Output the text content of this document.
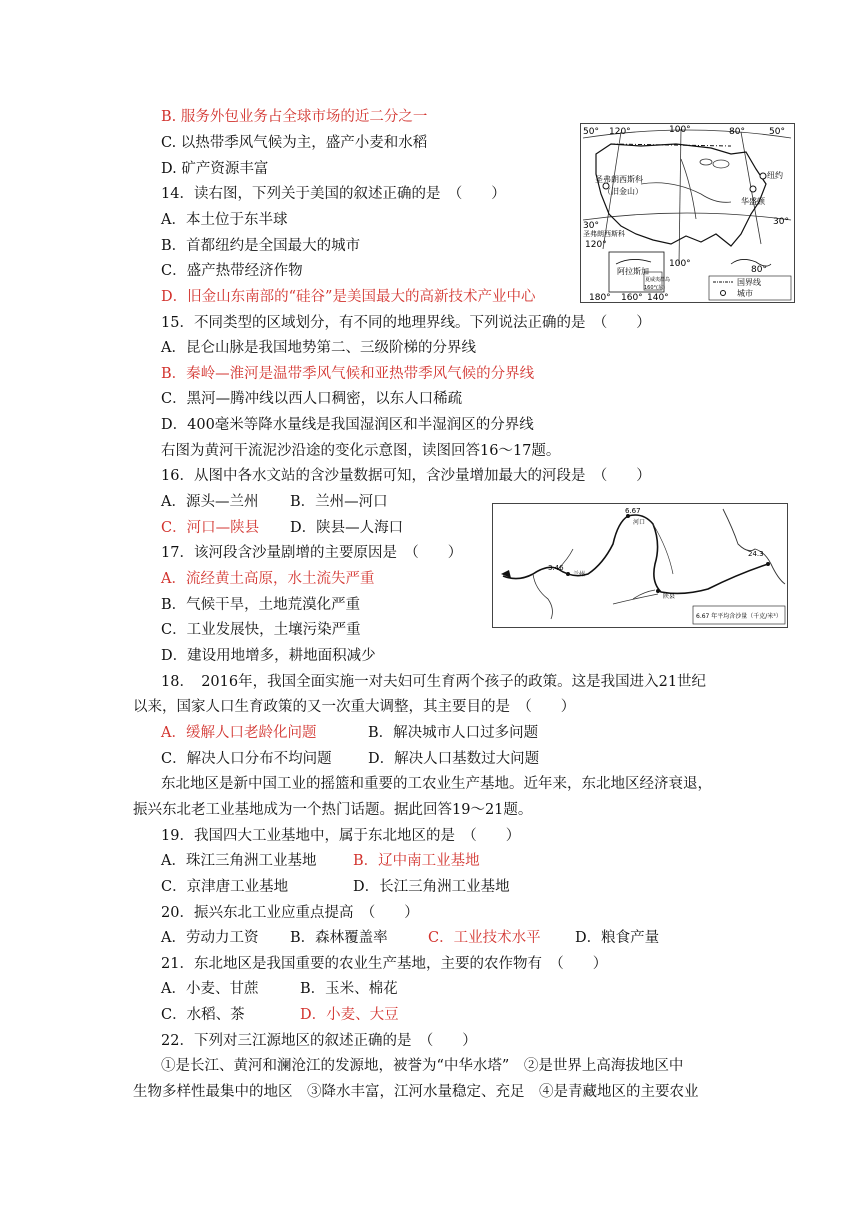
B. 服务外包业务占全球市场的近二分之一
C. 以热带季风气候为主，盛产小麦和水稻
D. 矿产资源丰富
14．读右图，下列关于美国的叙述正确的是　（　　）
A．本土位于东半球
B．首都纽约是全国最大的城市
C．盛产热带经济作物
D．旧金山东南部的“硅谷”是美国最大的高新技术产业中心
15．不同类型的区域划分，有不同的地理界线。下列说法正确的是　（　　）
A．昆仑山脉是我国地势第二、三级阶梯的分界线
B．秦岭—淮河是温带季风气候和亚热带季风气候的分界线
C．黑河—腾冲线以西人口稠密，以东人口稀疏
D．400毫米等降水量线是我国湿润区和半湿润区的分界线
右图为黄河干流泥沙沿途的变化示意图，读图回答16～17题。
16．从图中各水文站的含沙量数据可知，含沙量增加最大的河段是　（　　）
A．源头—兰州 B．兰州—河口
C．河口—陕县 D．陕县—人海口
17．该河段含沙量剧增的主要原因是　（　　）
A．流经黄土高原，水土流失严重
B．气候干旱，土地荒漠化严重
C．工业发展快，土壤污染严重
D．建设用地增多，耕地面积减少
18．　2016年，我国全面实施一对夫妇可生育两个孩子的政策。这是我国进入21世纪
以来，国家人口生育政策的又一次重大调整，其主要目的是　（　　）
A．缓解人口老龄化问题	B．解决城市人口过多问题
C．解决人口分布不均问题	D．解决人口基数过大问题
东北地区是新中国工业的摇篮和重要的工农业生产基地。近年来，东北地区经济衰退，
振兴东北老工业基地成为一个热门话题。据此回答19～21题。
19．我国四大工业基地中，属于东北地区的是　（　　）
A．珠江三角洲工业基地	B．辽中南工业基地
C．京津唐工业基地	D．长江三角洲工业基地
20．振兴东北工业应重点提高　（　　）
A．劳动力工资 B．森林覆盖率	C．工业技术水平 D．粮食产量
21．东北地区是我国重要的农业生产基地，主要的农作物有　（　　）
A．小麦、甘蔗	B．玉米、棉花
C．水稻、茶	D．小麦、大豆
22．下列对三江源地区的叙述正确的是　（　　）
①是长江、黄河和澜沧江的发源地，被誉为“中华水塔”　②是世界上高海拔地区中
生物多样性最集中的地区　③降水丰富，江河水量稳定、充足　④是青藏地区的主要农业
50° 120°	100°	80°	50°
30°	30°
120°
100°
80°
180° 160° 140°
圣弗朗西斯科
（旧金山）
纽约
华盛顿
圣弗朗西斯科
阿拉斯加
夏威夷群岛
160°(东)
国界线
城市
3.46
6.67
24.3
河口
兰州
陕县
6.67 年平均含沙量（千克/米³）
